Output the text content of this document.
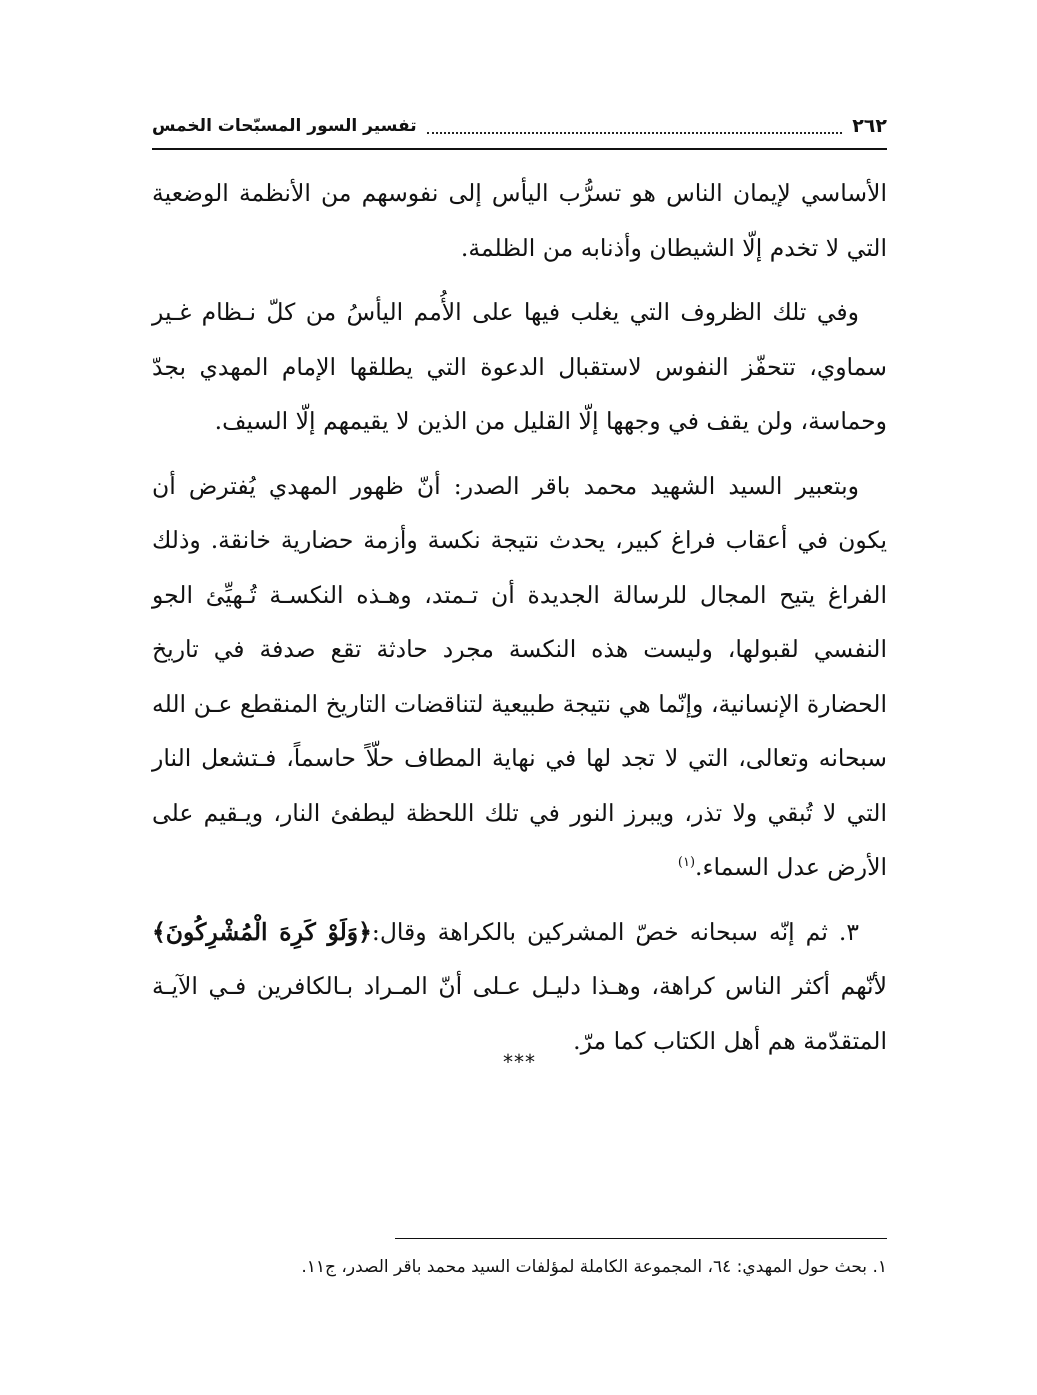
٢٦٢
تفسير السور المسبّحات الخمس

الأساسي لإيمان الناس هو تسرُّب اليأس إلى نفوسهم من الأنظمة الوضعية التي لا تخدم إلّا الشيطان وأذنابه من الظلمة.

وفي تلك الظروف التي يغلب فيها على الأُمم اليأسُ من كلّ نـظام غـير سماوي، تتحفّز النفوس لاستقبال الدعوة التي يطلقها الإمام المهدي بجدّ وحماسة، ولن يقف في وجهها إلّا القليل من الذين لا يقيمهم إلّا السيف.

وبتعبير السيد الشهيد محمد باقر الصدر: أنّ ظهور المهدي يُفترض أن يكون في أعقاب فراغ كبير، يحدث نتيجة نكسة وأزمة حضارية خانقة. وذلك الفراغ يتيح المجال للرسالة الجديدة أن تـمتد، وهـذه النكسـة تُـهيِّئ الجو النفسي لقبولها، وليست هذه النكسة مجرد حادثة تقع صدفة في تاريخ الحضارة الإنسانية، وإنّما هي نتيجة طبيعية لتناقضات التاريخ المنقطع عـن الله سبحانه وتعالى، التي لا تجد لها في نهاية المطاف حلّاً حاسماً، فـتشعل النار التي لا تُبقي ولا تذر، ويبرز النور في تلك اللحظة ليطفئ النار، ويـقيم على الأرض عدل السماء.$^{(١)}$

٣. ثم إنّه سبحانه خصّ المشركين بالكراهة وقال:﴿وَلَوْ كَرِهَ الْمُشْرِكُونَ﴾ لأنّهم أكثر الناس كراهة، وهـذا دليـل عـلى أنّ المـراد بـالكافرين فـي الآيـة المتقدّمة هم أهل الكتاب كما مرّ.

***
١. بحث حول المهدي: ٦٤، المجموعة الكاملة لمؤلفات السيد محمد باقر الصدر، ج١١.
